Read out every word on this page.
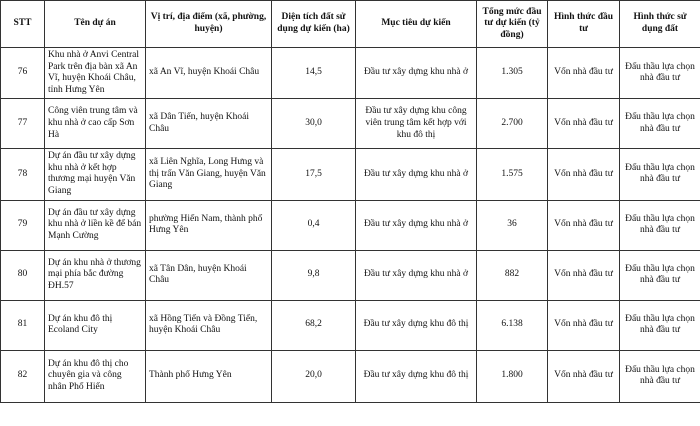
STT	Tên dự án	Vị trí, địa điểm (xã, phường, huyện)	Diện tích đất sử dụng dự kiến (ha)	Mục tiêu dự kiến	Tổng mức đầu tư dự kiến (tỷ đồng)	Hình thức đầu tư	Hình thức sử dụng đất
76	Khu nhà ở Anvi Central Park trên địa bàn xã An Vĩ, huyện Khoái Châu, tỉnh Hưng Yên	xã An Vĩ, huyện Khoái Châu	14,5	Đầu tư xây dựng khu nhà ở	1.305	Vốn nhà đầu tư	Đấu thầu lựa chọn nhà đầu tư
77	Công viên trung tâm và khu nhà ở cao cấp Sơn Hà	xã Dân Tiến, huyện Khoái Châu	30,0	Đầu tư xây dựng khu công viên trung tâm kết hợp với khu đô thị	2.700	Vốn nhà đầu tư	Đấu thầu lựa chọn nhà đầu tư
78	Dự án đầu tư xây dựng khu nhà ở kết hợp thương mại huyện Văn Giang	xã Liên Nghĩa, Long Hưng và thị trấn Văn Giang, huyện Văn Giang	17,5	Đầu tư xây dựng khu nhà ở	1.575	Vốn nhà đầu tư	Đấu thầu lựa chọn nhà đầu tư
79	Dự án đầu tư xây dựng khu nhà ở liền kề để bán Mạnh Cường	phường Hiến Nam, thành phố Hưng Yên	0,4	Đầu tư xây dựng khu nhà ở	36	Vốn nhà đầu tư	Đấu thầu lựa chọn nhà đầu tư
80	Dự án khu nhà ở thương mại phía bắc đường ĐH.57	xã Tân Dân, huyện Khoái Châu	9,8	Đầu tư xây dựng khu nhà ở	882	Vốn nhà đầu tư	Đấu thầu lựa chọn nhà đầu tư
81	Dự án khu đô thị Ecoland City	xã Hồng Tiến và Đồng Tiến, huyện Khoái Châu	68,2	Đầu tư xây dựng khu đô thị	6.138	Vốn nhà đầu tư	Đấu thầu lựa chọn nhà đầu tư
82	Dự án khu đô thị cho chuyên gia và công nhân Phố Hiến	Thành phố Hưng Yên	20,0	Đầu tư xây dựng khu đô thị	1.800	Vốn nhà đầu tư	Đấu thầu lựa chọn nhà đầu tư
